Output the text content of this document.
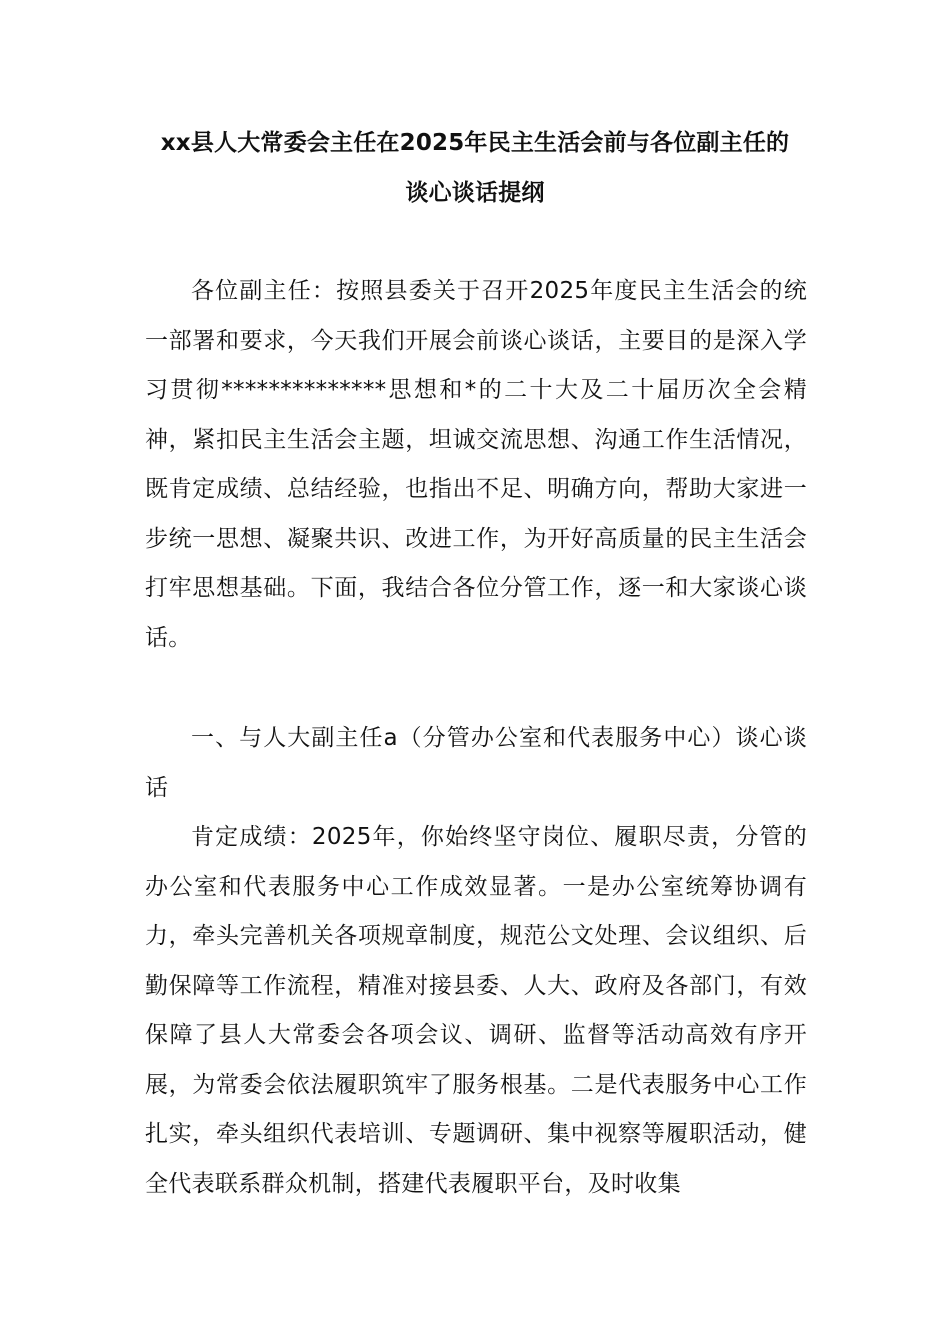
xx县人大常委会主任在2025年民主生活会前与各位副主任的
谈心谈话提纲

各位副主任：按照县委关于召开2025年度民主生活会的统一部署和要求，今天我们开展会前谈心谈话，主要目的是深入学习贯彻**************思想和*的二十大及二十届历次全会精神，紧扣民主生活会主题，坦诚交流思想、沟通工作生活情况，既肯定成绩、总结经验，也指出不足、明确方向，帮助大家进一步统一思想、凝聚共识、改进工作，为开好高质量的民主生活会打牢思想基础。下面，我结合各位分管工作，逐一和大家谈心谈话。

一、与人大副主任a（分管办公室和代表服务中心）谈心谈话

肯定成绩：2025年，你始终坚守岗位、履职尽责，分管的办公室和代表服务中心工作成效显著。一是办公室统筹协调有力，牵头完善机关各项规章制度，规范公文处理、会议组织、后勤保障等工作流程，精准对接县委、人大、政府及各部门，有效保障了县人大常委会各项会议、调研、监督等活动高效有序开展，为常委会依法履职筑牢了服务根基。二是代表服务中心工作扎实，牵头组织代表培训、专题调研、集中视察等履职活动，健全代表联系群众机制，搭建代表履职平台，及时收集
